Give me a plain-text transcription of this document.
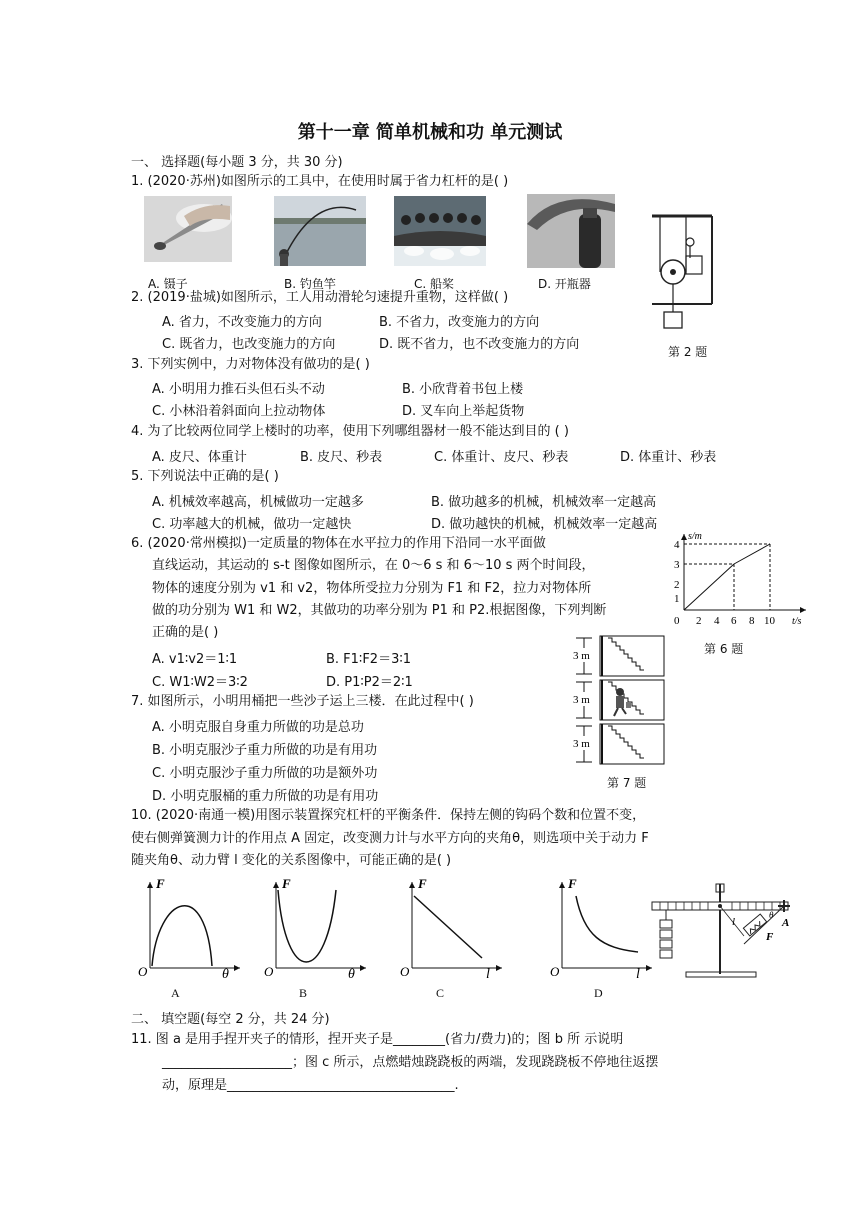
第十一章 简单机械和功 单元测试
一、 选择题(每小题 3 分，共 30 分)
1. (2020·苏州)如图所示的工具中，在使用时属于省力杠杆的是( )
A. 镊子	B. 钓鱼竿	C. 船桨	D. 开瓶器
2. (2019·盐城)如图所示，工人用动滑轮匀速提升重物，这样做( )
A. 省力，不改变施力的方向	B. 不省力，改变施力的方向
C. 既省力，也改变施力的方向	D. 既不省力，也不改变施力的方向	第 2 题
3. 下列实例中，力对物体没有做功的是( )
A. 小明用力推石头但石头不动	B. 小欣背着书包上楼
C. 小林沿着斜面向上拉动物体	D. 叉车向上举起货物
4. 为了比较两位同学上楼时的功率，使用下列哪组器材一般不能达到目的 ( )
A. 皮尺、体重计	B. 皮尺、秒表	C. 体重计、皮尺、秒表	D. 体重计、秒表
5. 下列说法中正确的是( )
A. 机械效率越高，机械做功一定越多	B. 做功越多的机械，机械效率一定越高
C. 功率越大的机械，做功一定越快	D. 做功越快的机械，机械效率一定越高
6. (2020·常州模拟)一定质量的物体在水平拉力的作用下沿同一水平面做
直线运动，其运动的 s-t 图像如图所示，在 0～6 s 和 6～10 s 两个时间段，
物体的速度分别为 v1 和 v2，物体所受拉力分别为 F1 和 F2，拉力对物体所
做的功分别为 W1 和 W2，其做功的功率分别为 P1 和 P2.根据图像，下列判断
正确的是( )
A. v1∶v2＝1∶1	B. F1∶F2＝3∶1
C. W1∶W2＝3∶2	D. P1∶P2＝2∶1
s/m
t/s
1
2
3
4
0 2 4 6 8 10
第 6 题
3 m
3 m
3 m
第 7 题
7. 如图所示，小明用桶把一些沙子运上三楼．在此过程中( )
A. 小明克服自身重力所做的功是总功
B. 小明克服沙子重力所做的功是有用功
C. 小明克服沙子重力所做的功是额外功
D. 小明克服桶的重力所做的功是有用功
10. (2020·南通一模)用图示装置探究杠杆的平衡条件．保持左侧的钩码个数和位置不变，
使右侧弹簧测力计的作用点 A 固定，改变测力计与水平方向的夹角θ，则选项中关于动力 F
随夹角θ、动力臂 l 变化的关系图像中，可能正确的是( )
F
O	θ
A
F
O	θ
B
F
O	l
C
F
O	l
D
l
θ
A
F
二、 填空题(每空 2 分，共 24 分)
11. 图 a 是用手捏开夹子的情形，捏开夹子是________(省力/费力)的；图 b 所 示说明
____________________；图 c 所示，点燃蜡烛跷跷板的两端，发现跷跷板不停地往返摆
动，原理是___________________________________.
